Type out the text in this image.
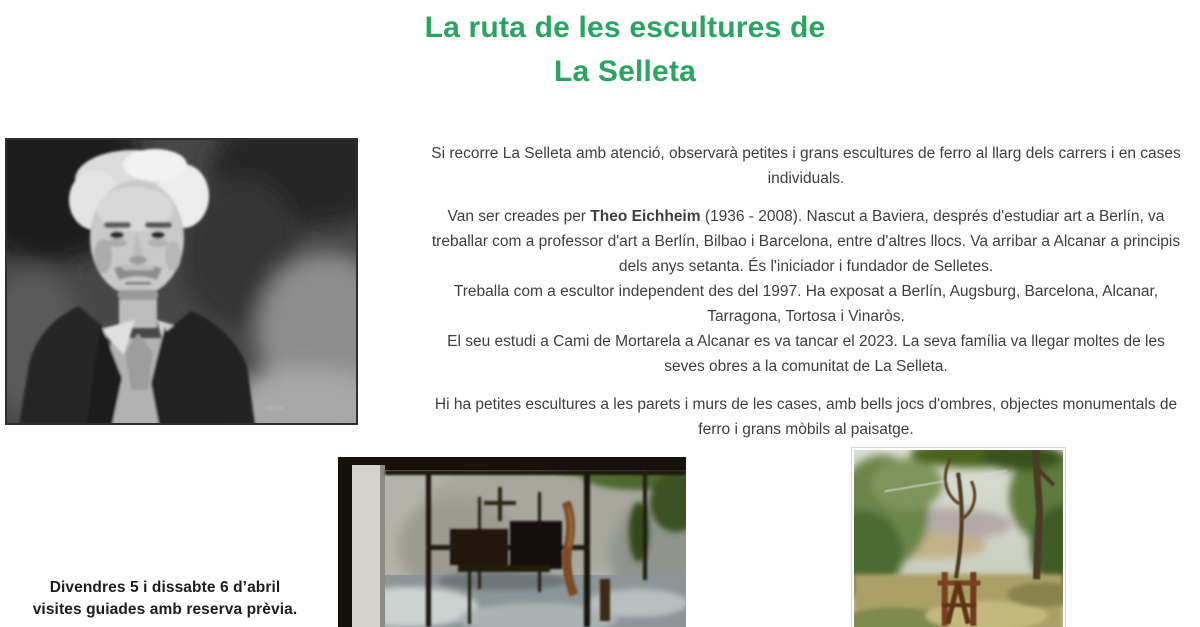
La ruta de les escultures de
La Selleta

Si recorre La Selleta amb atenció, observarà petites i grans escultures de ferro al llarg dels carrers i en cases individuals.

Van ser creades per Theo Eichheim (1936 - 2008). Nascut a Baviera, després d'estudiar art a Berlín, va treballar com a professor d'art a Berlín, Bilbao i Barcelona, entre d'altres llocs. Va arribar a Alcanar a principis dels anys setanta. És l'iniciador i fundador de Selletes.

Treballa com a escultor independent des del 1997. Ha exposat a Berlín, Augsburg, Barcelona, Alcanar, Tarragona, Tortosa i Vinaròs.

El seu estudi a Cami de Mortarela a Alcanar es va tancar el 2023. La seva família va llegar moltes de les seves obres a la comunitat de La Selleta.

Hi ha petites escultures a les parets i murs de les cases, amb bells jocs d'ombres, objectes monumentals de ferro i grans mòbils al paisatge.

Divendres 5 i dissabte 6 d’abril
visites guiades amb reserva prèvia.
